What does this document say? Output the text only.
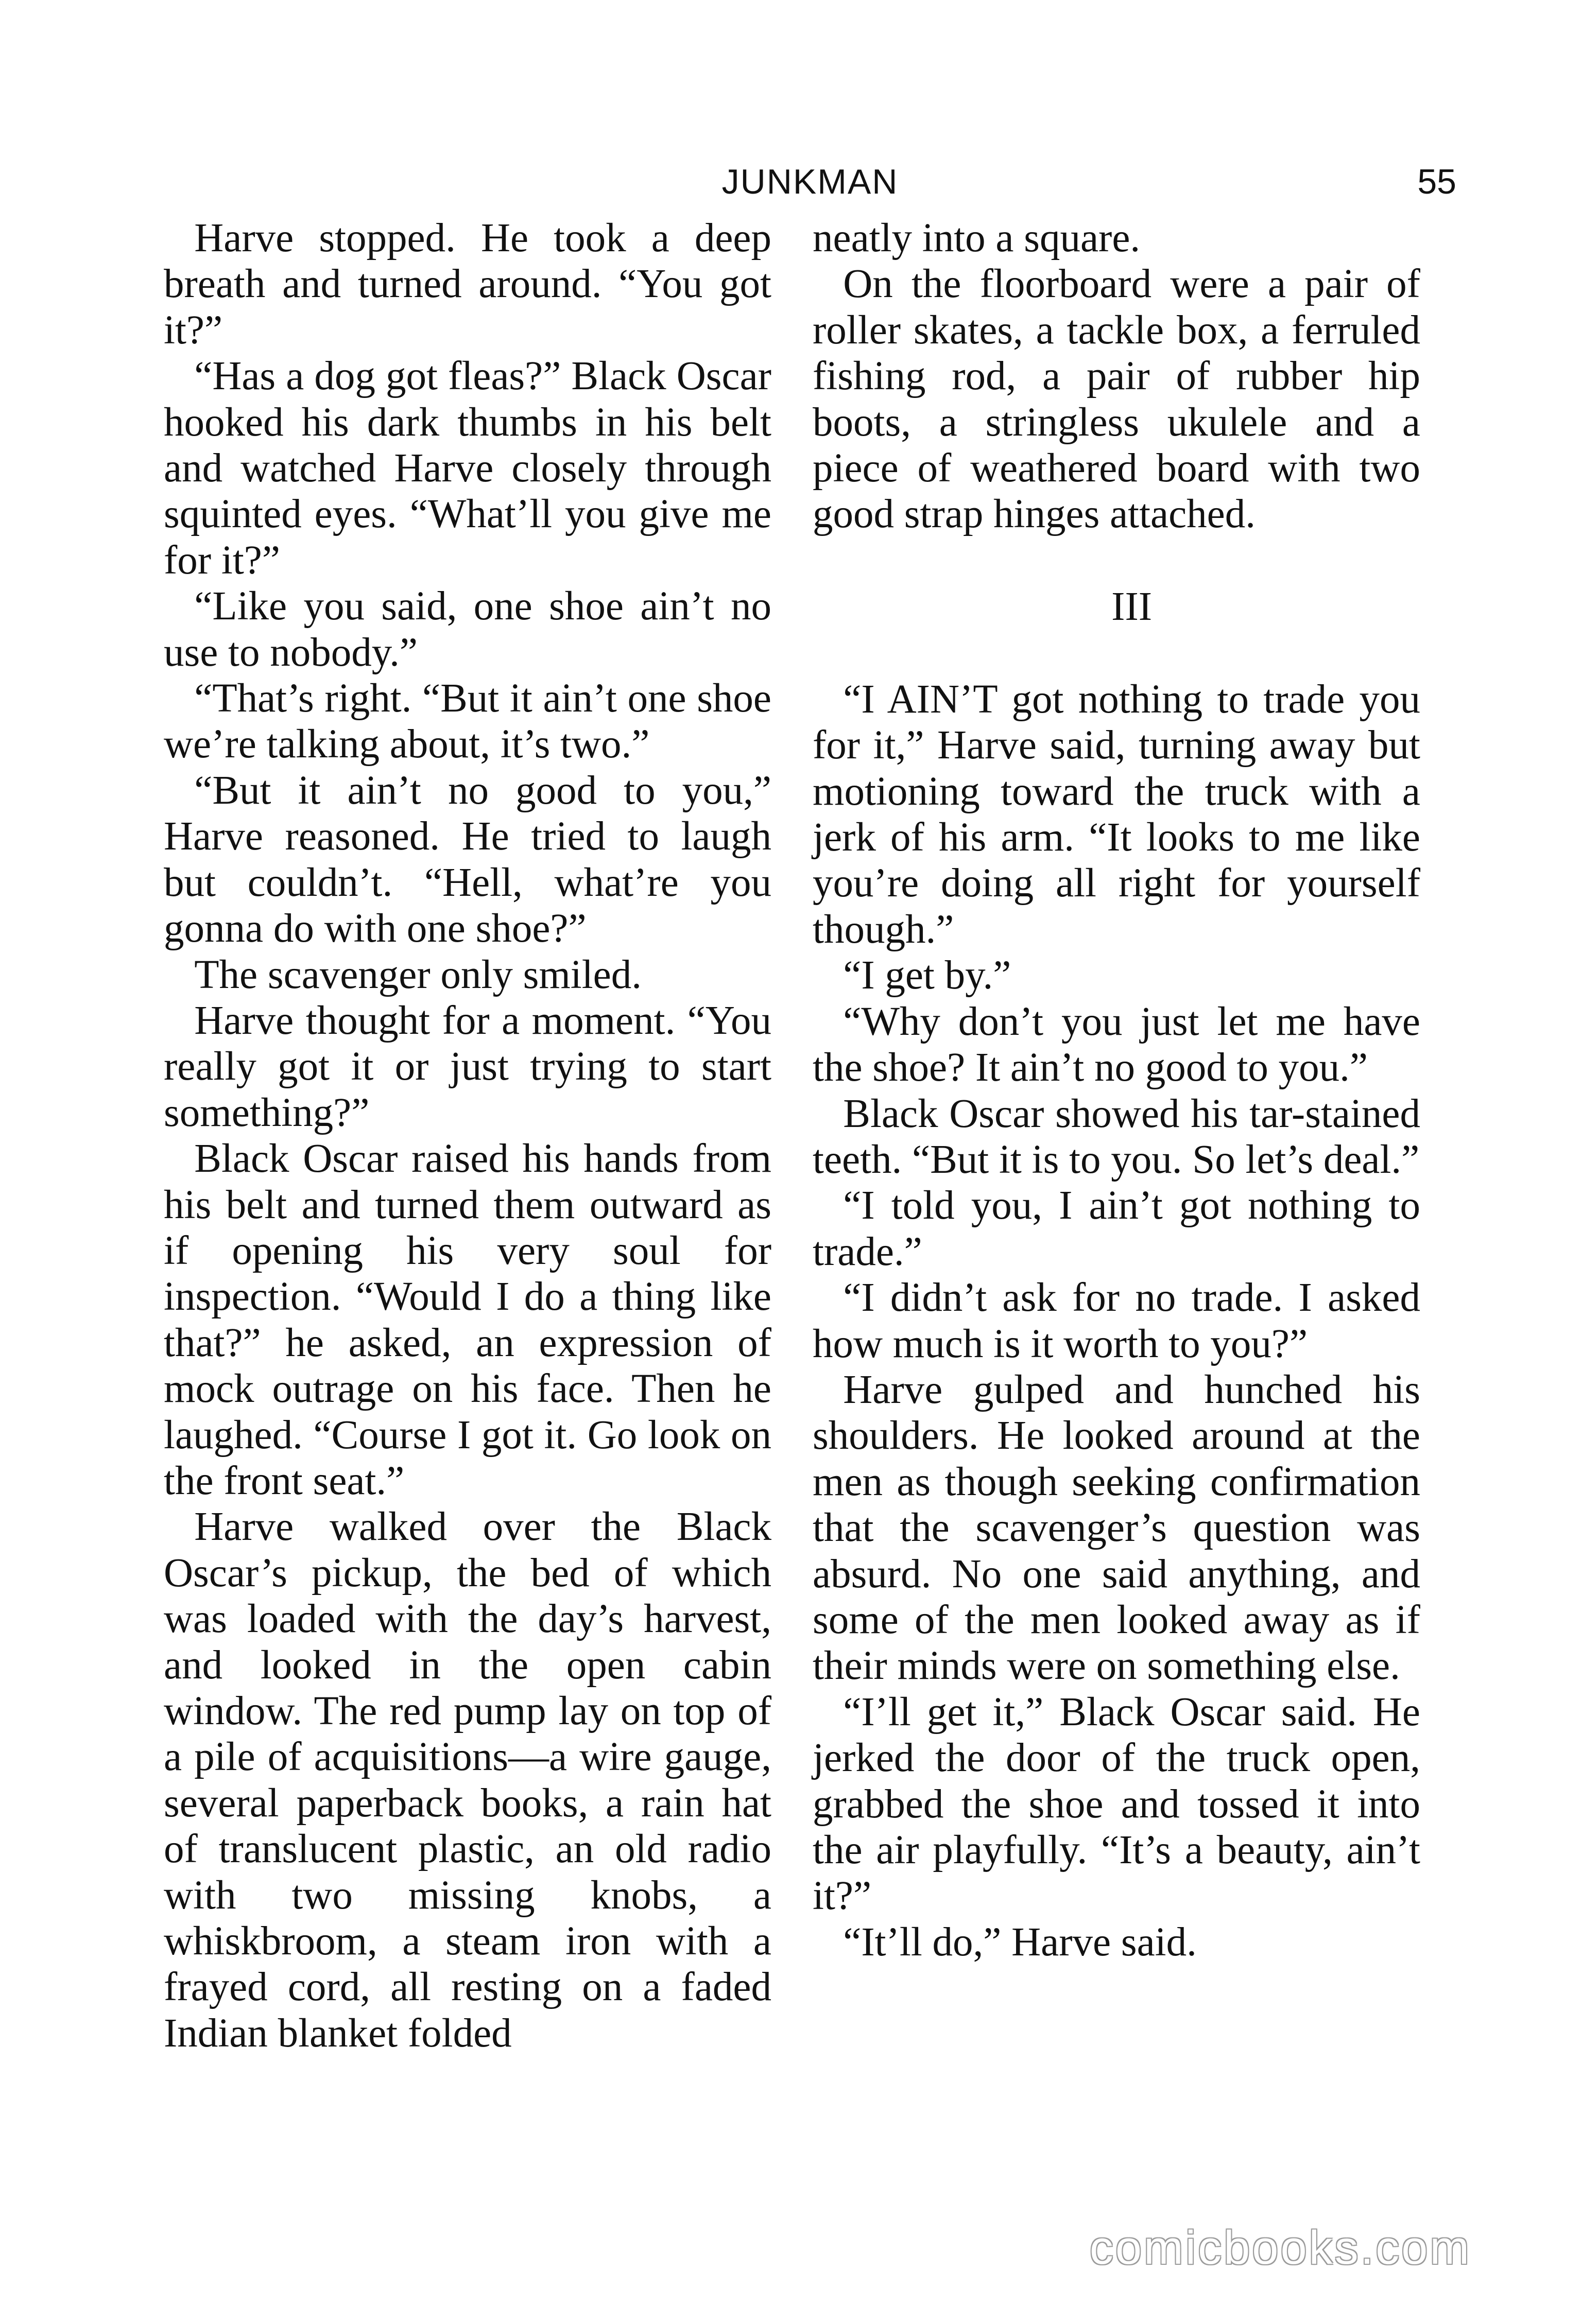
JUNKMAN	55

Harve stopped. He took a deep breath and turned around. “You got it?”

“Has a dog got fleas?” Black Oscar hooked his dark thumbs in his belt and watched Harve closely through squinted eyes. “What’ll you give me for it?”

“Like you said, one shoe ain’t no use to nobody.”

“That’s right. “But it ain’t one shoe we’re talking about, it’s two.”

“But it ain’t no good to you,” Harve reasoned. He tried to laugh but couldn’t. “Hell, what’re you gonna do with one shoe?”

The scavenger only smiled.

Harve thought for a moment. “You really got it or just trying to start something?”

Black Oscar raised his hands from his belt and turned them outward as if opening his very soul for inspection. “Would I do a thing like that?” he asked, an expression of mock outrage on his face. Then he laughed. “Course I got it. Go look on the front seat.”

Harve walked over the Black Oscar’s pickup, the bed of which was loaded with the day’s harvest, and looked in the open cabin window. The red pump lay on top of a pile of acquisitions—a wire gauge, several paperback books, a rain hat of translucent plastic, an old radio with two missing knobs, a whiskbroom, a steam iron with a frayed cord, all resting on a faded Indian blanket folded

neatly into a square.

On the floorboard were a pair of roller skates, a tackle box, a ferruled fishing rod, a pair of rubber hip boots, a stringless ukulele and a piece of weathered board with two good strap hinges attached.

III

“I AIN’T got nothing to trade you for it,” Harve said, turning away but motioning toward the truck with a jerk of his arm. “It looks to me like you’re doing all right for yourself though.”

“I get by.”

“Why don’t you just let me have the shoe? It ain’t no good to you.”

Black Oscar showed his tar-stained teeth. “But it is to you. So let’s deal.”

“I told you, I ain’t got nothing to trade.”

“I didn’t ask for no trade. I asked how much is it worth to you?”

Harve gulped and hunched his shoulders. He looked around at the men as though seeking confirmation that the scavenger’s question was absurd. No one said anything, and some of the men looked away as if their minds were on something else.

“I’ll get it,” Black Oscar said. He jerked the door of the truck open, grabbed the shoe and tossed it into the air playfully. “It’s a beauty, ain’t it?”

“It’ll do,” Harve said.

comicbooks.com
